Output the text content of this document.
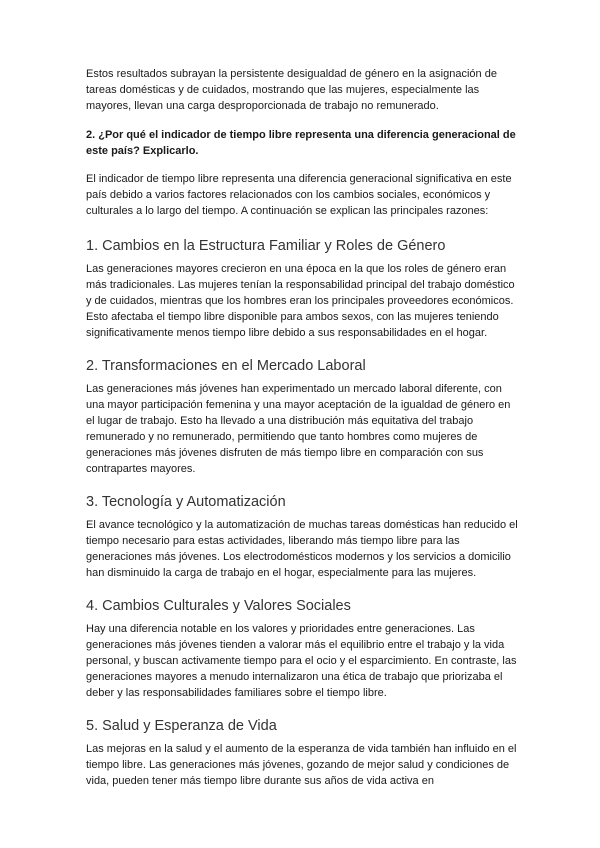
Estos resultados subrayan la persistente desigualdad de género en la asignación de tareas domésticas y de cuidados, mostrando que las mujeres, especialmente las mayores, llevan una carga desproporcionada de trabajo no remunerado.

2. ¿Por qué el indicador de tiempo libre representa una diferencia generacional de este país? Explicarlo.

El indicador de tiempo libre representa una diferencia generacional significativa en este país debido a varios factores relacionados con los cambios sociales, económicos y culturales a lo largo del tiempo. A continuación se explican las principales razones:

1. Cambios en la Estructura Familiar y Roles de Género

Las generaciones mayores crecieron en una época en la que los roles de género eran más tradicionales. Las mujeres tenían la responsabilidad principal del trabajo doméstico y de cuidados, mientras que los hombres eran los principales proveedores económicos. Esto afectaba el tiempo libre disponible para ambos sexos, con las mujeres teniendo significativamente menos tiempo libre debido a sus responsabilidades en el hogar.

2. Transformaciones en el Mercado Laboral

Las generaciones más jóvenes han experimentado un mercado laboral diferente, con una mayor participación femenina y una mayor aceptación de la igualdad de género en el lugar de trabajo. Esto ha llevado a una distribución más equitativa del trabajo remunerado y no remunerado, permitiendo que tanto hombres como mujeres de generaciones más jóvenes disfruten de más tiempo libre en comparación con sus contrapartes mayores.

3. Tecnología y Automatización

El avance tecnológico y la automatización de muchas tareas domésticas han reducido el tiempo necesario para estas actividades, liberando más tiempo libre para las generaciones más jóvenes. Los electrodomésticos modernos y los servicios a domicilio han disminuido la carga de trabajo en el hogar, especialmente para las mujeres.

4. Cambios Culturales y Valores Sociales

Hay una diferencia notable en los valores y prioridades entre generaciones. Las generaciones más jóvenes tienden a valorar más el equilibrio entre el trabajo y la vida personal, y buscan activamente tiempo para el ocio y el esparcimiento. En contraste, las generaciones mayores a menudo internalizaron una ética de trabajo que priorizaba el deber y las responsabilidades familiares sobre el tiempo libre.

5. Salud y Esperanza de Vida

Las mejoras en la salud y el aumento de la esperanza de vida también han influido en el tiempo libre. Las generaciones más jóvenes, gozando de mejor salud y condiciones de vida, pueden tener más tiempo libre durante sus años de vida activa en
